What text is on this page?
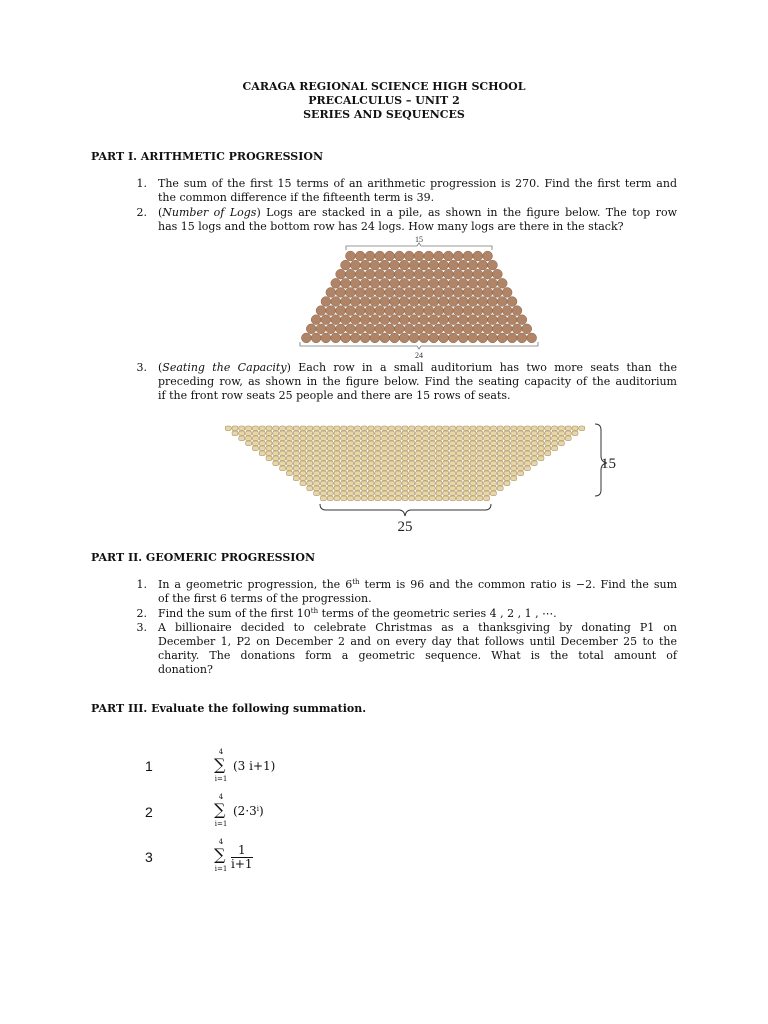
CARAGA REGIONAL SCIENCE HIGH SCHOOL
PRECALCULUS – UNIT 2
SERIES AND SEQUENCES
PART I. ARITHMETIC PROGRESSION
1. The sum of the first 15 terms of an arithmetic progression is 270. Find the first term and
the common difference if the fifteenth term is 39.
2. (Number of Logs) Logs are stacked in a pile, as shown in the figure below. The top row
has 15 logs and the bottom row has 24 logs. How many logs are there in the stack?
15
24
3. (Seating the Capacity) Each row in a small auditorium has two more seats than the
preceding row, as shown in the figure below. Find the seating capacity of the auditorium
if the front row seats 25 people and there are 15 rows of seats.
15
25
PART II. GEOMERIC PROGRESSION
1. In a geometric progression, the 6th term is 96 and the common ratio is −2. Find the sum
of the first 6 terms of the progression.
2. Find the sum of the first 10th terms of the geometric series 4 , 2 , 1 , ⋯.
3. A billionaire decided to celebrate Christmas as a thanksgiving by donating P1 on
December 1, P2 on December 2 and on every day that follows until December 25 to the
charity. The donations form a geometric sequence. What is the total amount of
donation?
PART III. Evaluate the following summation.
1
4
∑
i=1
(3 i+1)
2
4
∑
i=1
$(2\cdot 3^i)$
3
4
∑
$i=1 \frac{1}{i+1}$
